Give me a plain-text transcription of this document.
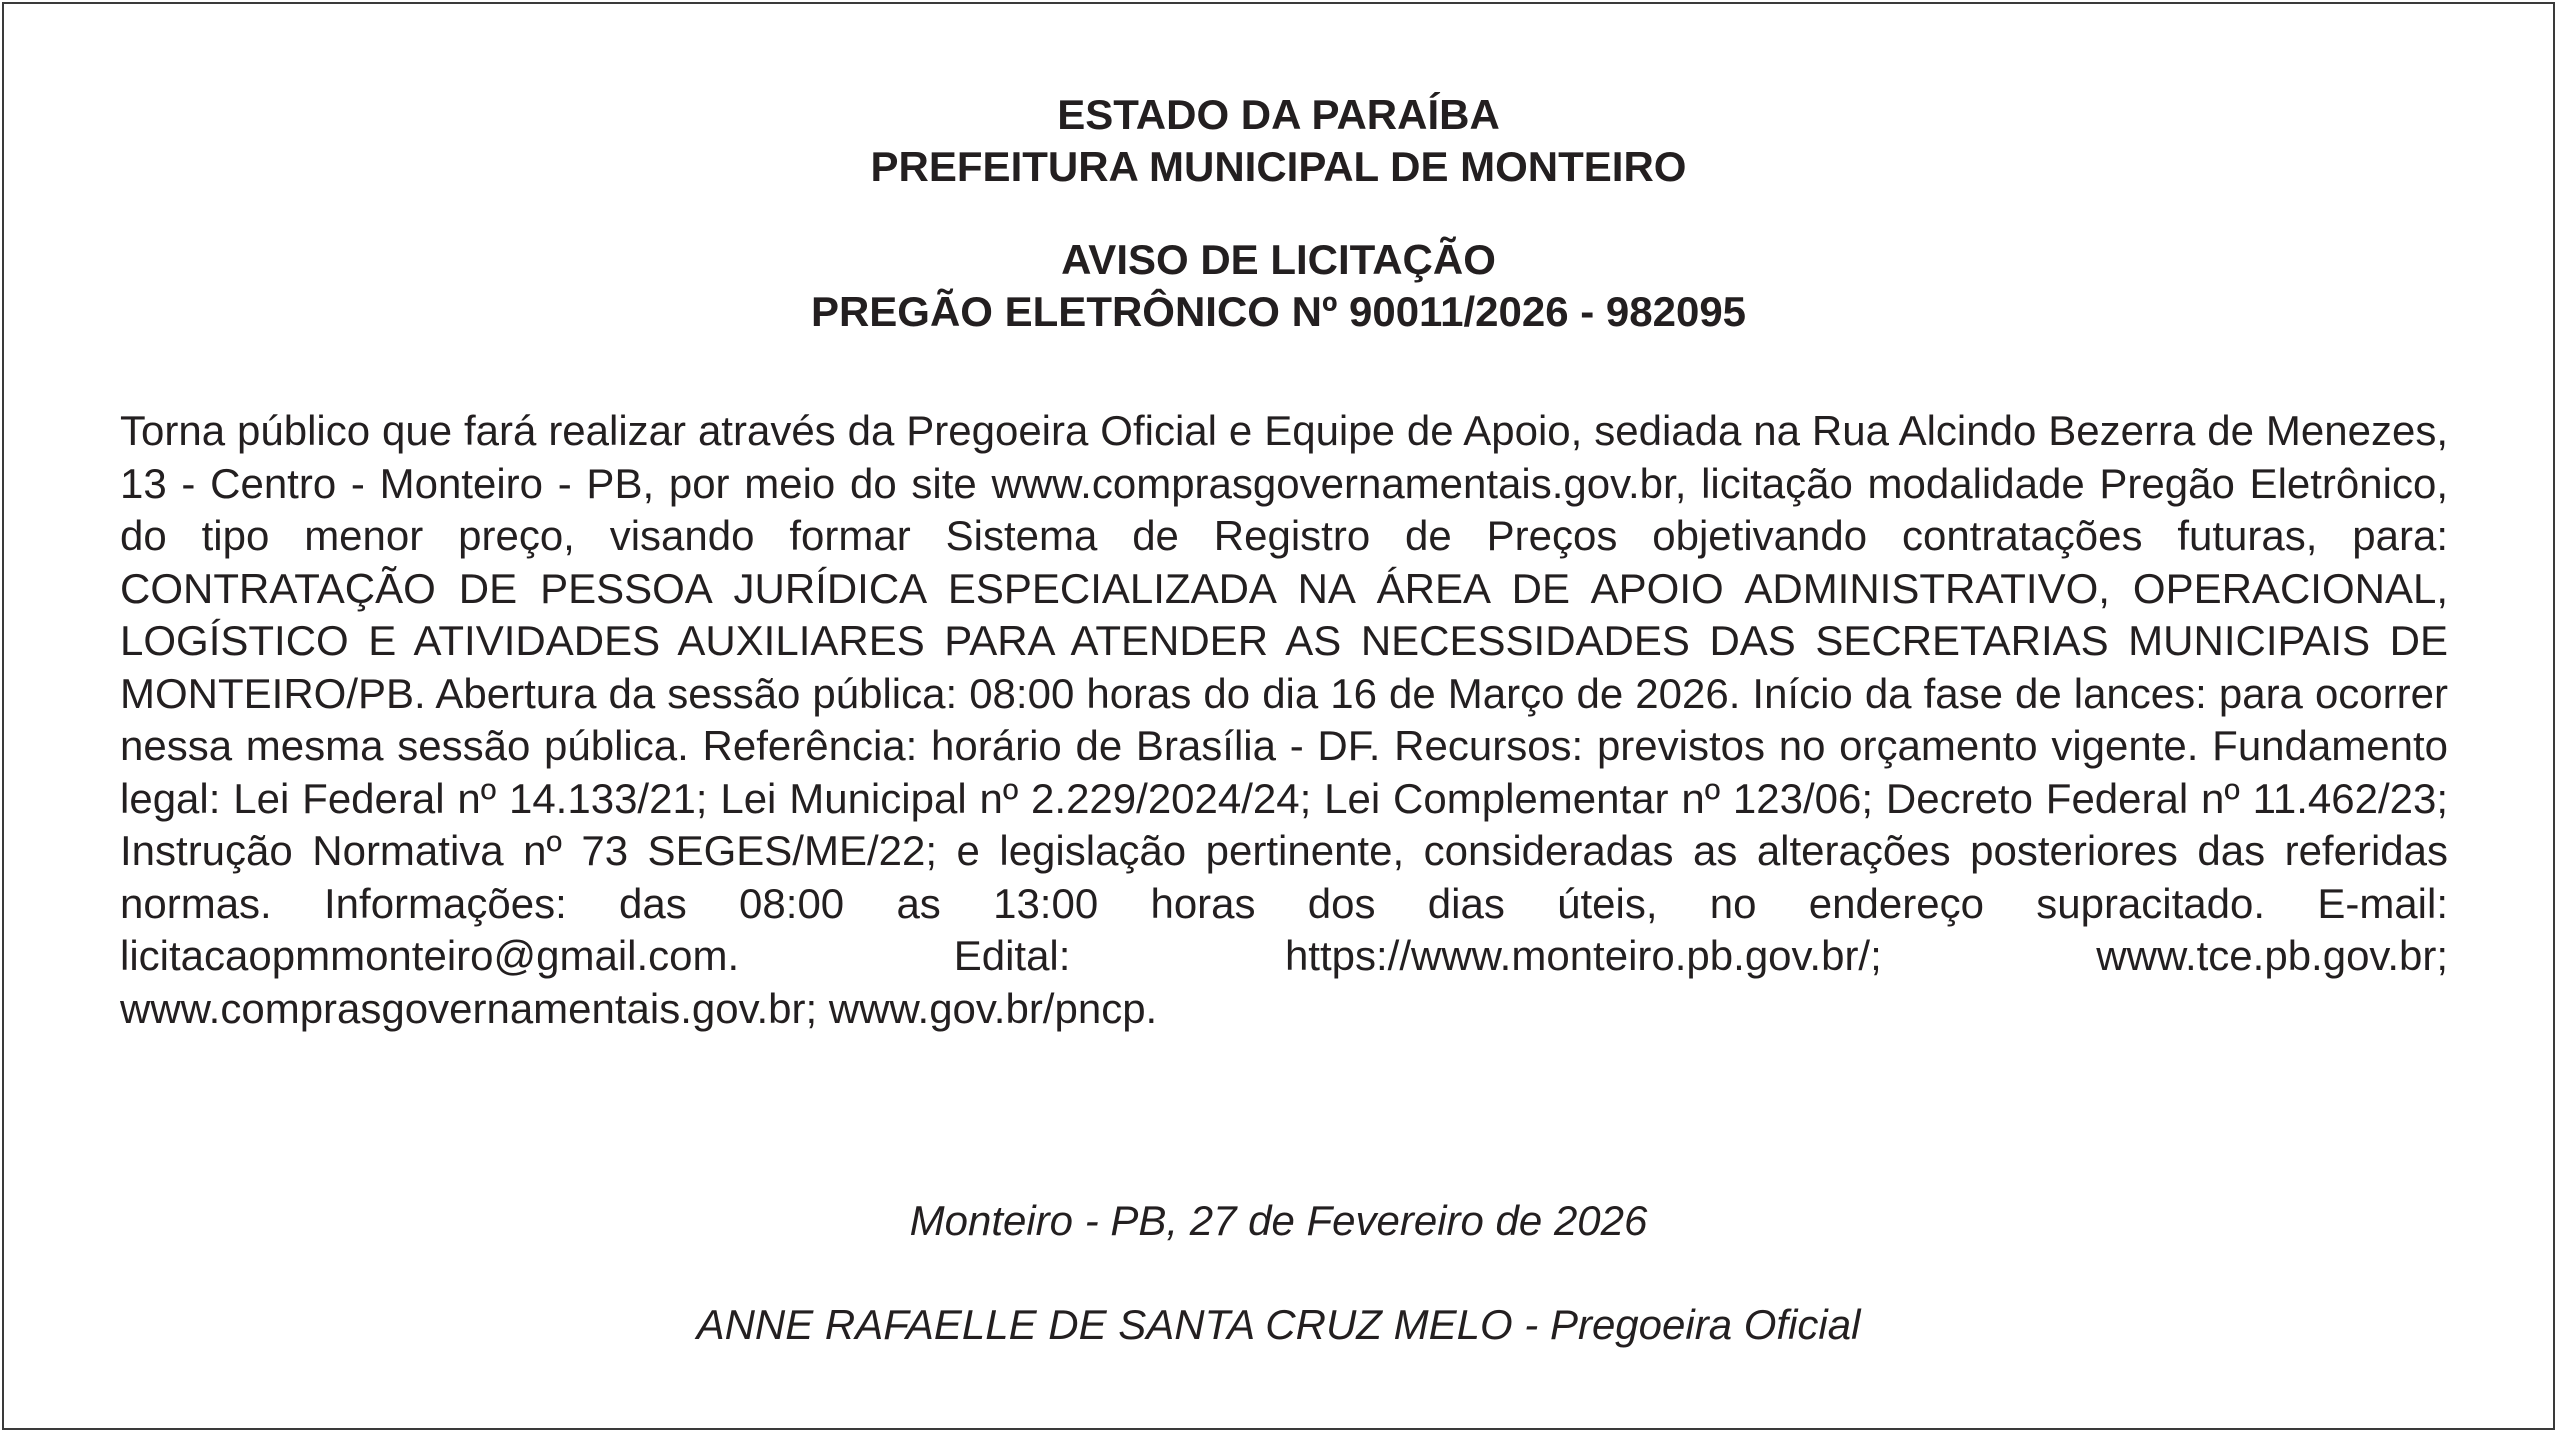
ESTADO DA PARAÍBA
PREFEITURA MUNICIPAL DE MONTEIRO
AVISO DE LICITAÇÃO
PREGÃO ELETRÔNICO Nº 90011/2026 - 982095
Torna público que fará realizar através da Pregoeira Oficial e Equipe de Apoio, sediada na Rua Alcindo Bezerra de Menezes, 13 - Centro - Monteiro - PB, por meio do site www.comprasgovernamentais.gov.br, licitação modalidade Pregão Eletrônico, do tipo menor preço, visando formar Sistema de Registro de Preços objetivando contratações futuras, para: CONTRATAÇÃO DE PESSOA JURÍDICA ESPECIALIZADA NA ÁREA DE APOIO ADMINISTRATIVO, OPERACIONAL, LOGÍSTICO E ATIVIDADES AUXILIARES PARA ATENDER AS NECESSIDADES DAS SECRETARIAS MUNICIPAIS DE MONTEIRO/PB. Abertura da sessão pública: 08:00 horas do dia 16 de Março de 2026. Início da fase de lances: para ocorrer nessa mesma sessão pública. Referência: horário de Brasília - DF. Recursos: previstos no orçamento vigente. Fundamento legal: Lei Federal nº 14.133/21; Lei Municipal nº 2.229/2024/24; Lei Complementar nº 123/06; Decreto Federal nº 11.462/23; Instrução Normativa nº 73 SEGES/ME/22; e legislação pertinente, consideradas as alterações posteriores das referidas normas. Informações: das 08:00 as 13:00 horas dos dias úteis, no endereço supracitado. E-mail: licitacaopmmonteiro@gmail.com. Edital: https://www.monteiro.pb.gov.br/; www.tce.pb.gov.br; www.comprasgovernamentais.gov.br; www.gov.br/pncp.
Monteiro - PB, 27 de Fevereiro de 2026
ANNE RAFAELLE DE SANTA CRUZ MELO - Pregoeira Oficial
